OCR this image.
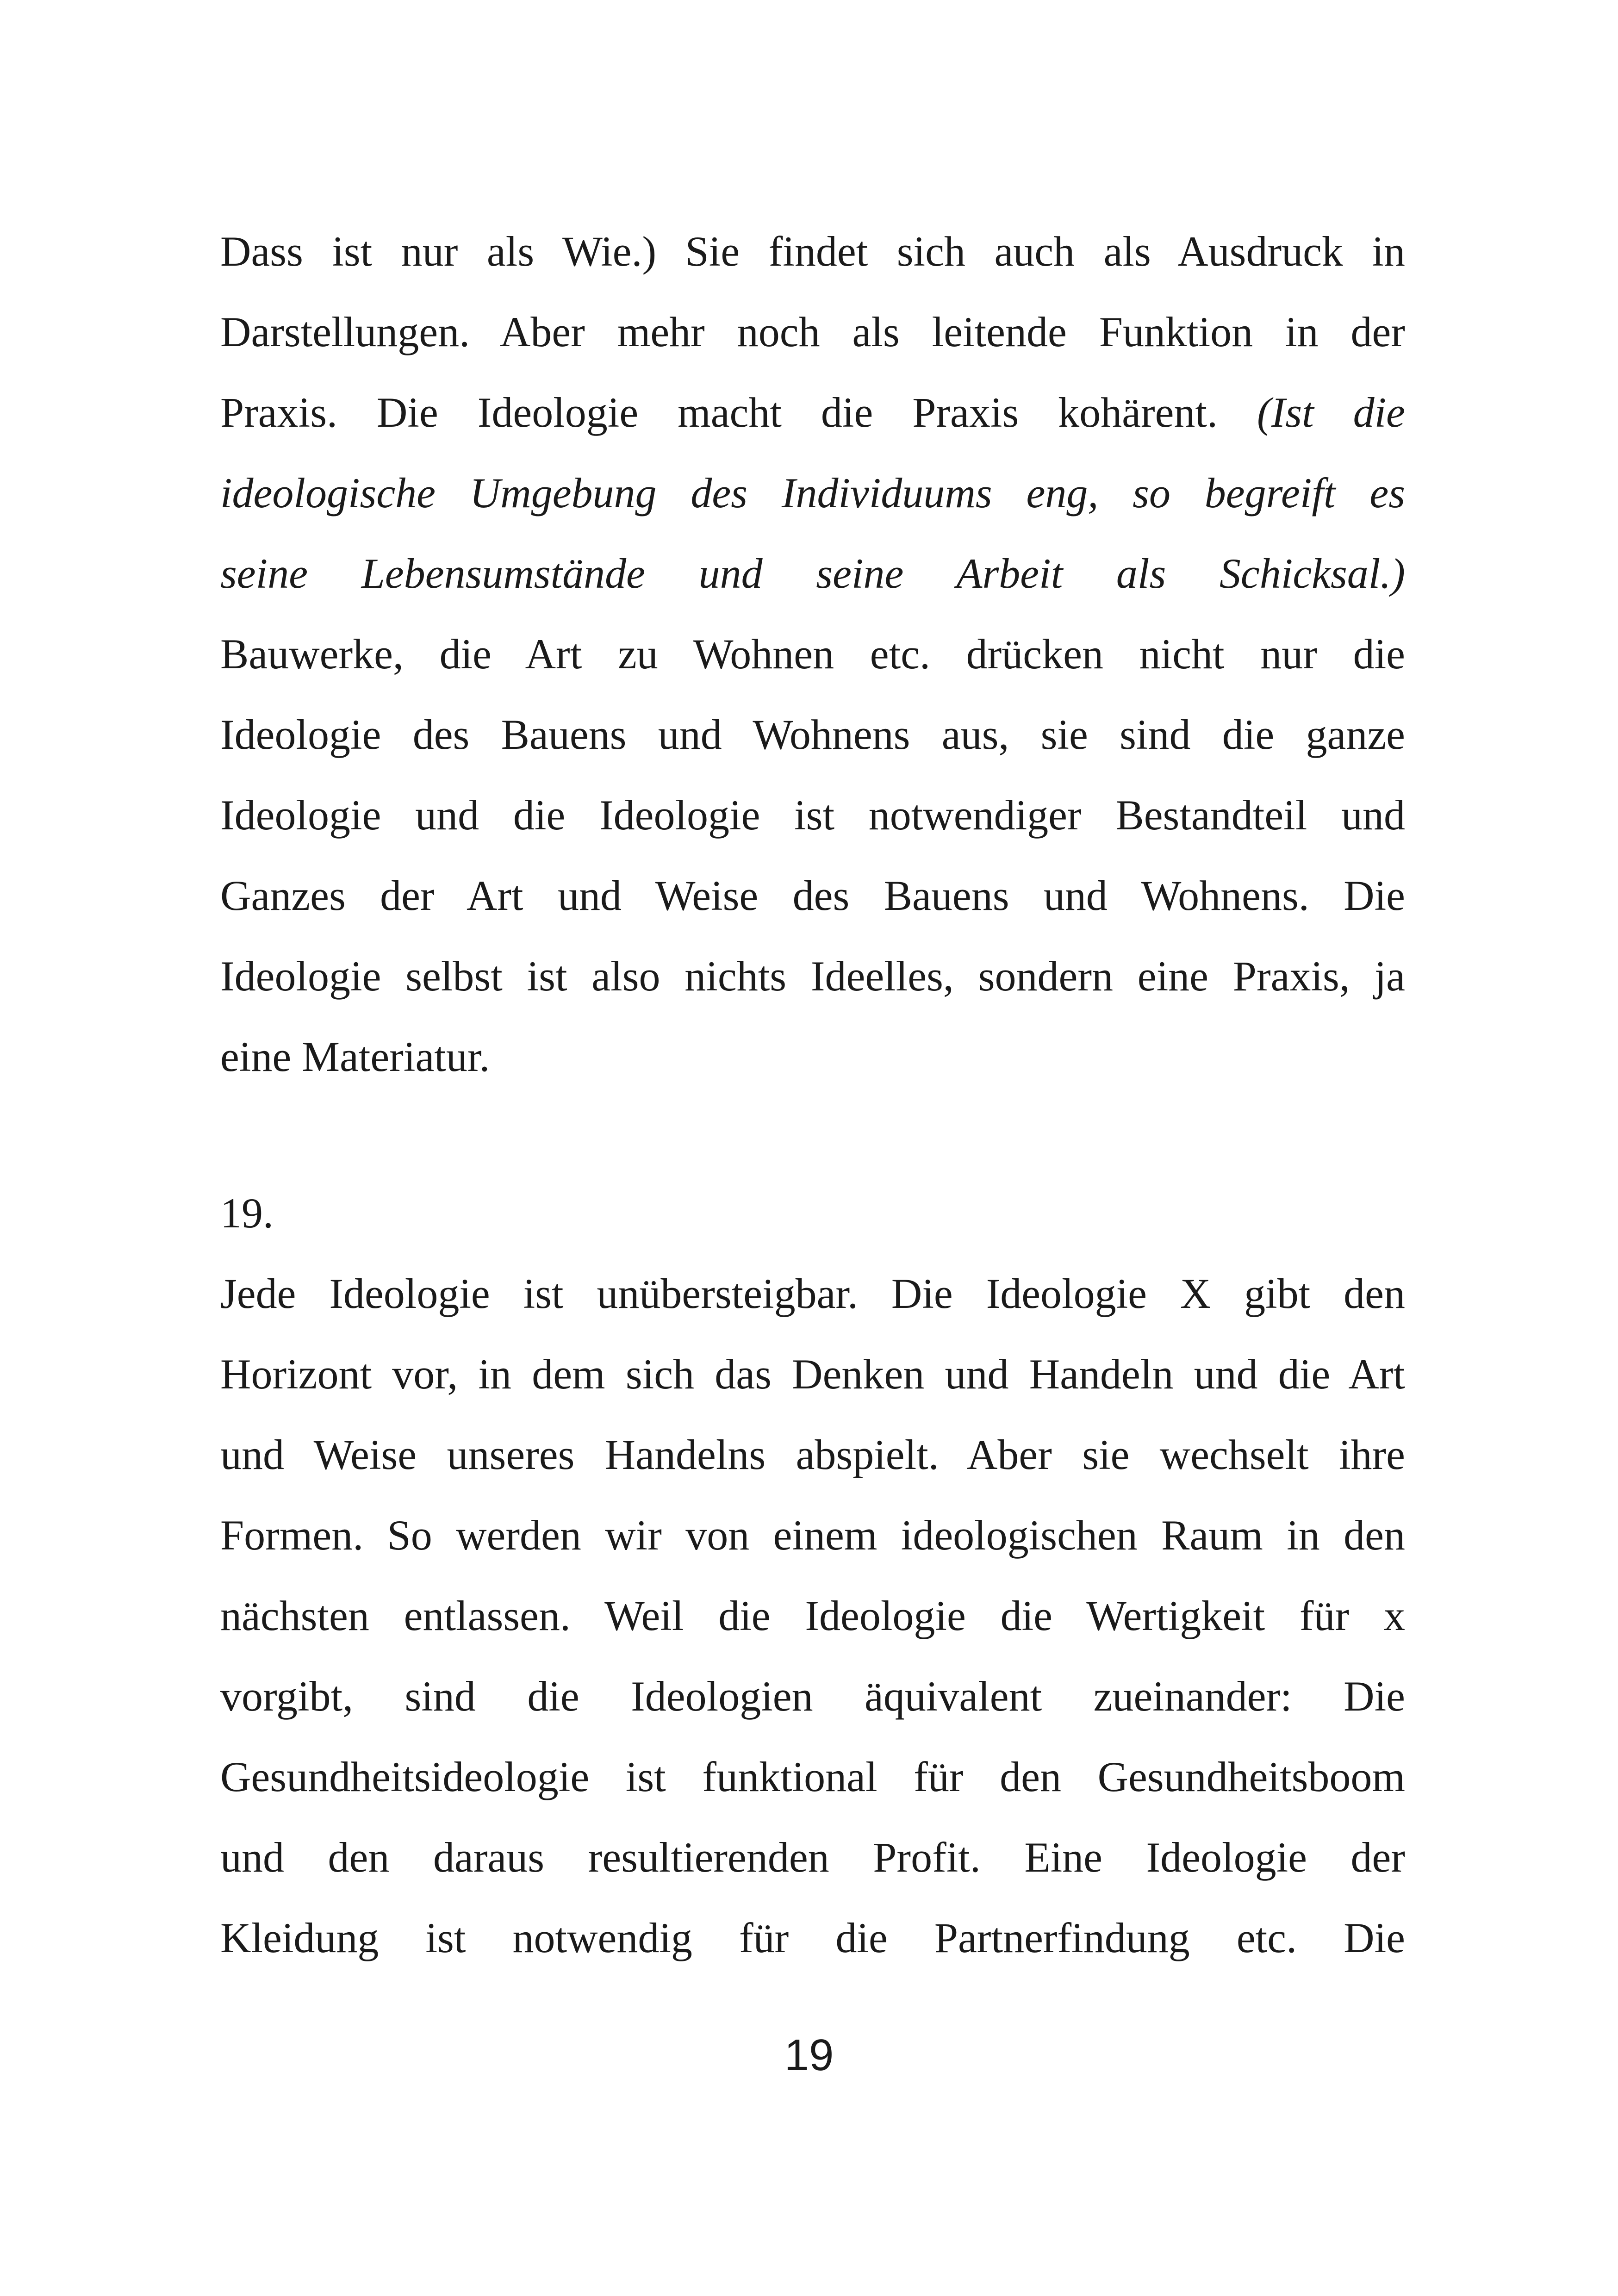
Dass ist nur als Wie.) Sie findet sich auch als Ausdruck in
Darstellungen. Aber mehr noch als leitende Funktion in der
Praxis. Die Ideologie macht die Praxis kohärent. (Ist die
ideologische Umgebung des Individuums eng, so begreift es
seine Lebensumstände und seine Arbeit als Schicksal.)
Bauwerke, die Art zu Wohnen etc. drücken nicht nur die
Ideologie des Bauens und Wohnens aus, sie sind die ganze
Ideologie und die Ideologie ist notwendiger Bestandteil und
Ganzes der Art und Weise des Bauens und Wohnens. Die
Ideologie selbst ist also nichts Ideelles, sondern eine Praxis, ja
eine Materiatur.
19.
Jede Ideologie ist unübersteigbar. Die Ideologie X gibt den
Horizont vor, in dem sich das Denken und Handeln und die Art
und Weise unseres Handelns abspielt. Aber sie wechselt ihre
Formen. So werden wir von einem ideologischen Raum in den
nächsten entlassen. Weil die Ideologie die Wertigkeit für x
vorgibt, sind die Ideologien äquivalent zueinander: Die
Gesundheitsideologie ist funktional für den Gesundheitsboom
und den daraus resultierenden Profit. Eine Ideologie der
Kleidung ist notwendig für die Partnerfindung etc. Die
19
